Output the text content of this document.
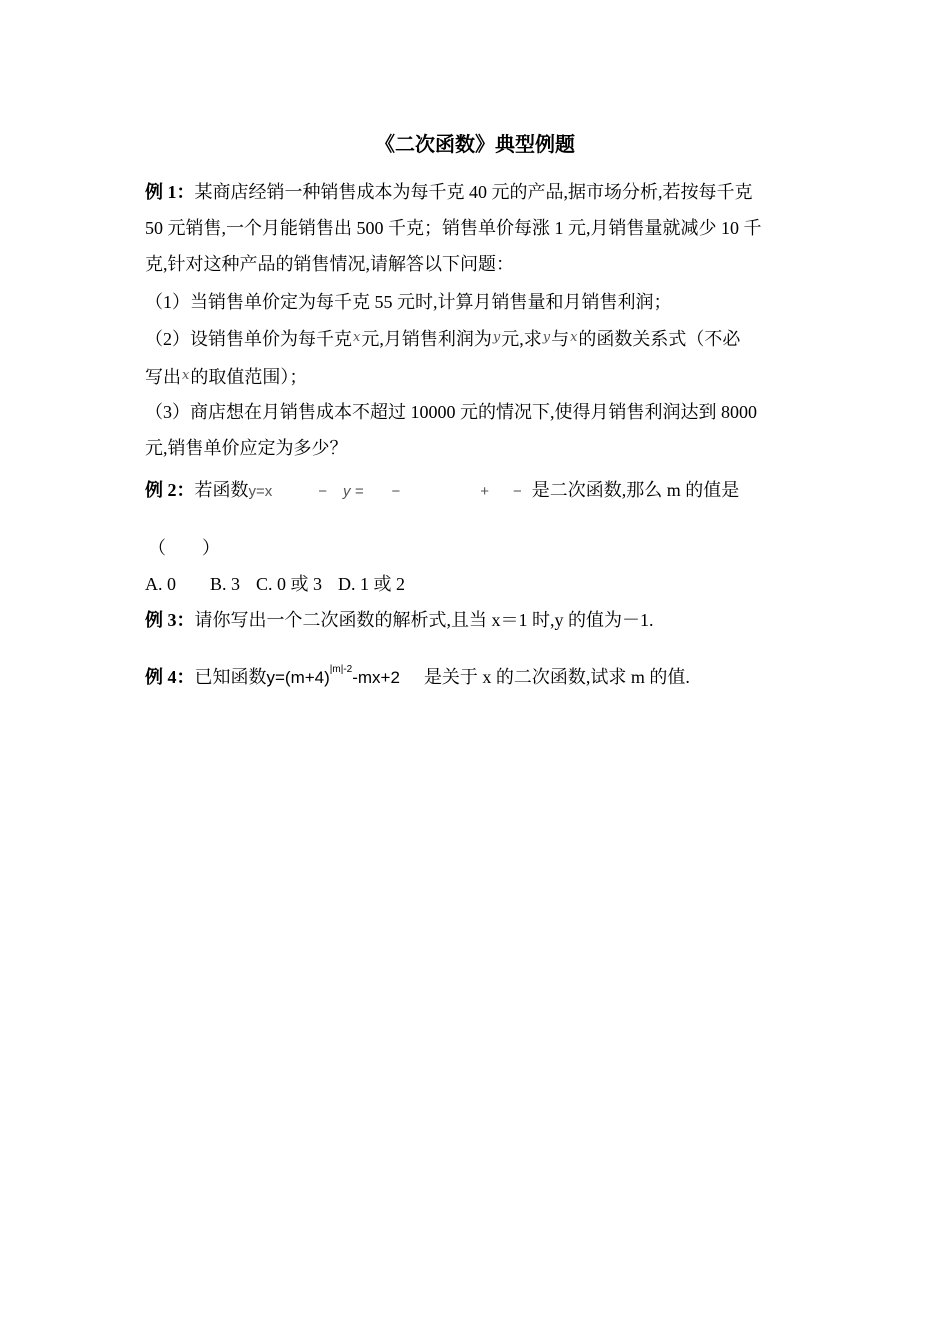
《二次函数》典型例题
例 1：某商店经销一种销售成本为每千克 40 元的产品,据市场分析,若按每千克
50 元销售,一个月能销售出 500 千克；销售单价每涨 1 元,月销售量就减少 10 千
克,针对这种产品的销售情况,请解答以下问题：
（1）当销售单价定为每千克 55 元时,计算月销售量和月销售利润；
（2）设销售单价为每千克$^x$元,月销售利润为$^y$元,求$^y$与$^x$的函数关系式（不必
写出$^x$的取值范围）；
（3）商店想在月销售成本不超过 10000 元的情况下,使得月销售利润达到 8000
元,销售单价应定为多少？
例 2：若函数y=x	− y = −	+ − 是二次函数,那么 m 的值是
（　　）
A. 0 B. 3 C. 0 或 3 D. 1 或 2
例 3：请你写出一个二次函数的解析式,且当 x＝1 时,y 的值为－1.
例 4：已知函数$y=(m+4)^{|m|-2}-mx+2$ 是关于 x 的二次函数,试求 m 的值.
